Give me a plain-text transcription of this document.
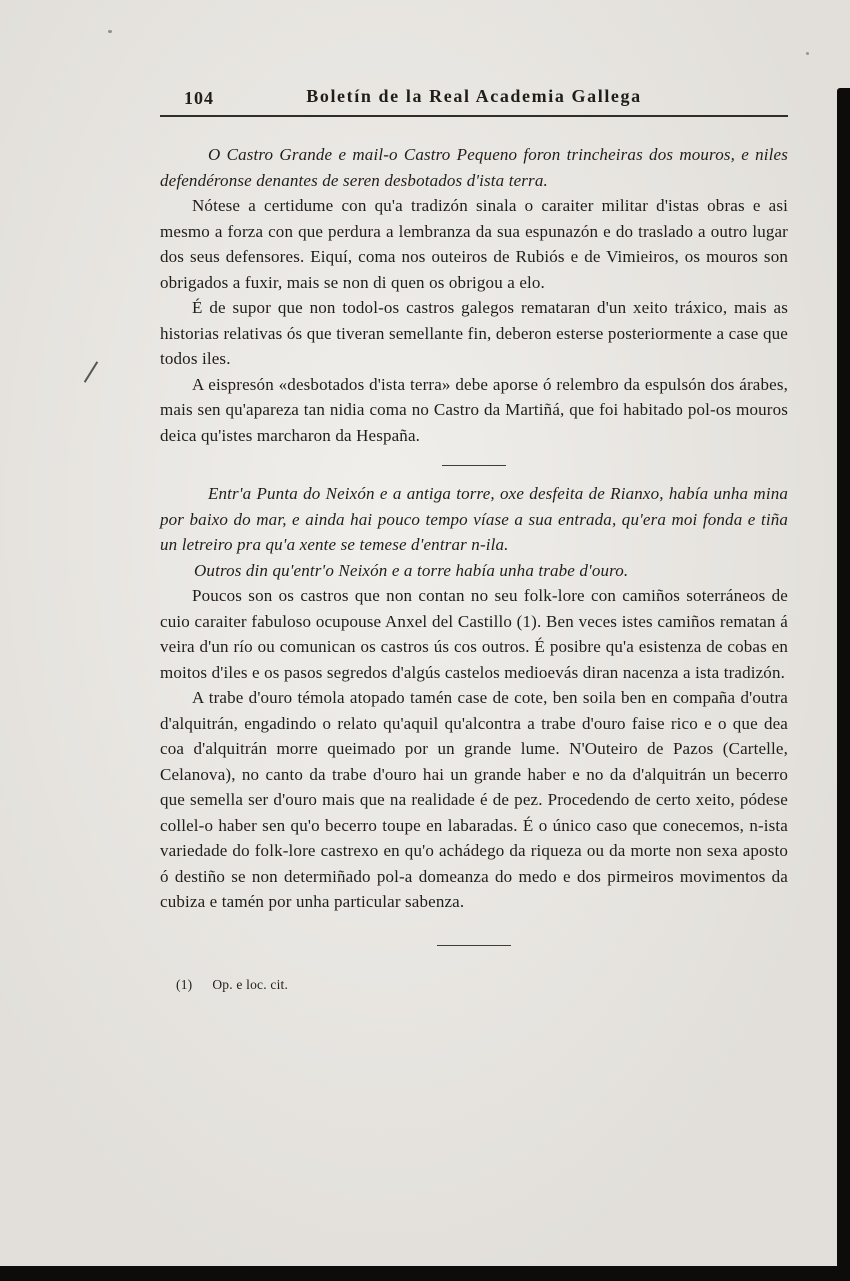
104	Boletín de la Real Academia Gallega

O Castro Grande e mail-o Castro Pequeno foron trincheiras dos mouros, e niles defendéronse denantes de seren desbotados d'ista terra.

Nótese a certidume con qu'a tradizón sinala o caraiter militar d'istas obras e asi mesmo a forza con que perdura a lembranza da sua espunazón e do traslado a outro lugar dos seus defensores. Eiquí, coma nos outeiros de Rubiós e de Vimieiros, os mouros son obrigados a fuxir, mais se non di quen os obrigou a elo.

É de supor que non todol-os castros galegos remataran d'un xeito tráxico, mais as historias relativas ós que tiveran semellante fin, deberon esterse posteriormente a case que todos iles.

A eispresón «desbotados d'ista terra» debe aporse ó relembro da espulsón dos árabes, mais sen qu'apareza tan nidia coma no Castro da Martiñá, que foi habitado pol-os mouros deica qu'istes marcharon da Hespaña.

Entr'a Punta do Neixón e a antiga torre, oxe desfeita de Rianxo, había unha mina por baixo do mar, e ainda hai pouco tempo víase a sua entrada, qu'era moi fonda e tiña un letreiro pra qu'a xente se temese d'entrar n-ila.

Outros din qu'entr'o Neixón e a torre había unha trabe d'ouro.

Poucos son os castros que non contan no seu folk-lore con camiños soterráneos de cuio caraiter fabuloso ocupouse Anxel del Castillo (1). Ben veces istes camiños rematan á veira d'un río ou comunican os castros ús cos outros. É posibre qu'a esistenza de cobas en moitos d'iles e os pasos segredos d'algús castelos medioevás diran nacenza a ista tradizón.

A trabe d'ouro témola atopado tamén case de cote, ben soila ben en compaña d'outra d'alquitrán, engadindo o relato qu'aquil qu'alcontra a trabe d'ouro faise rico e o que dea coa d'alquitrán morre queimado por un grande lume. N'Outeiro de Pazos (Cartelle, Celanova), no canto da trabe d'ouro hai un grande haber e no da d'alquitrán un becerro que semella ser d'ouro mais que na realidade é de pez. Procedendo de certo xeito, pódese collel-o haber sen qu'o becerro toupe en labaradas. É o único caso que conecemos, n-ista variedade do folk-lore castrexo en qu'o achádego da riqueza ou da morte non sexa aposto ó destiño se non determiñado pol-a domeanza do medo e dos pirmeiros movimentos da cubiza e tamén por unha particular sabenza.

(1) Op. e loc. cit.
